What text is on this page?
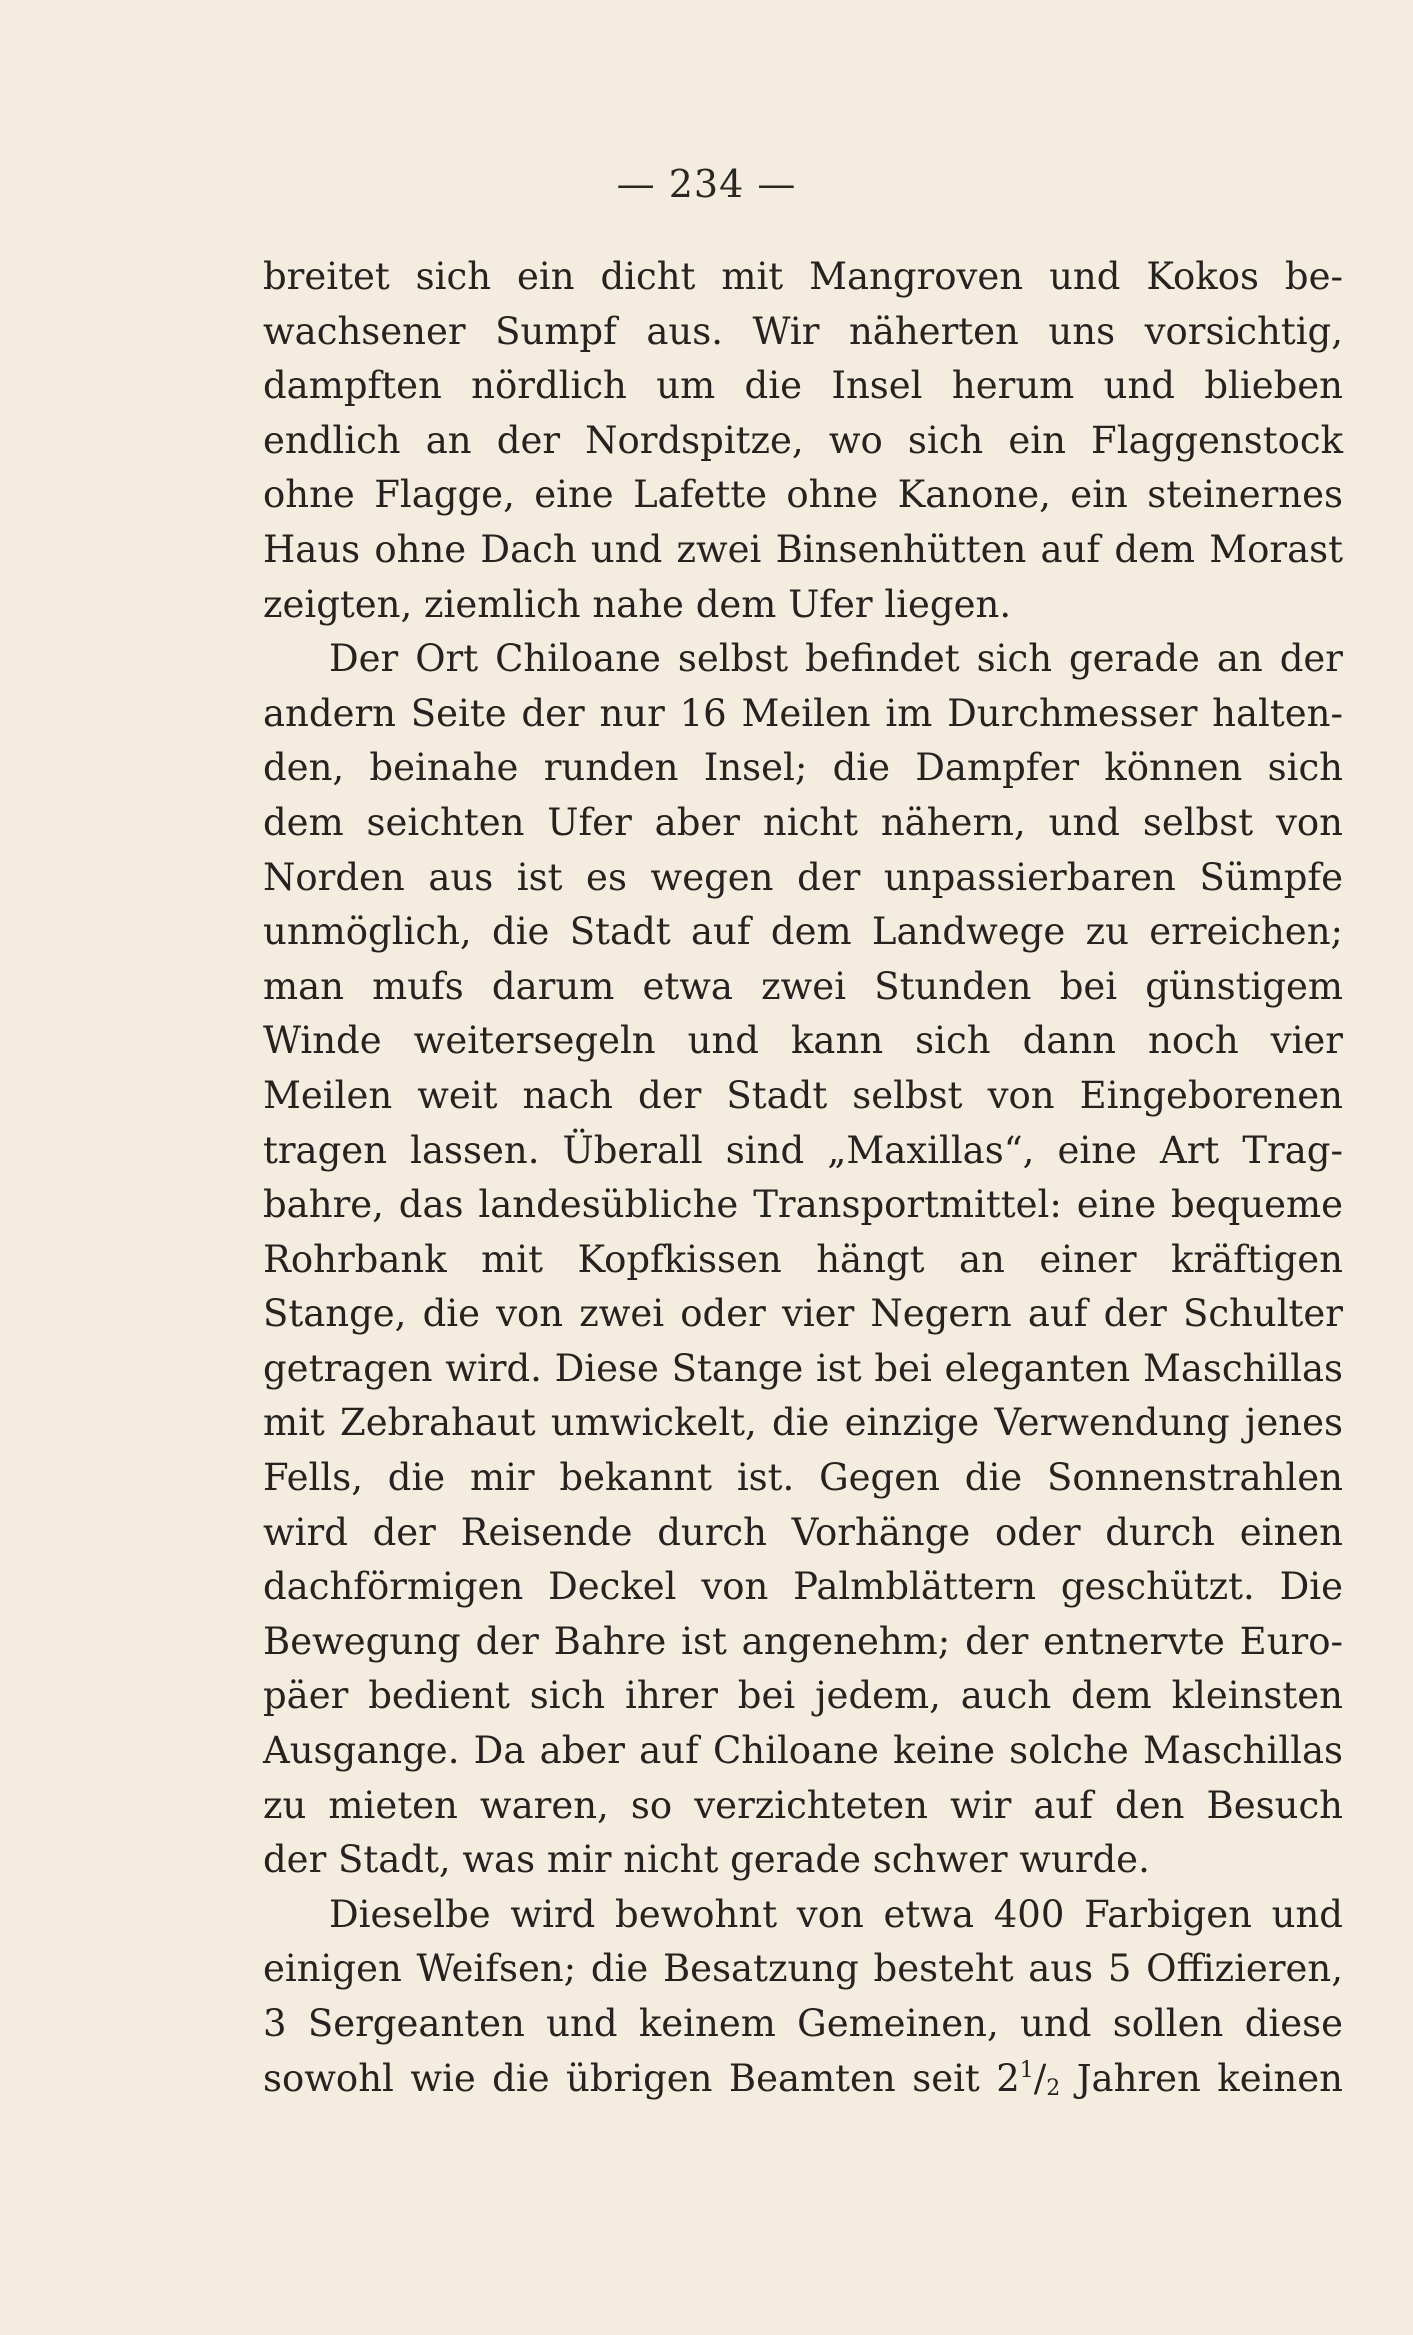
— 234 —
breitet sich ein dicht mit Mangroven und Kokos be-
wachsener Sumpf aus. Wir näherten uns vorsichtig,
dampften nördlich um die Insel herum und blieben
endlich an der Nordspitze, wo sich ein Flaggenstock
ohne Flagge, eine Lafette ohne Kanone, ein steinernes
Haus ohne Dach und zwei Binsenhütten auf dem Morast
zeigten, ziemlich nahe dem Ufer liegen.
Der Ort Chiloane selbst befindet sich gerade an der
andern Seite der nur 16 Meilen im Durchmesser halten-
den, beinahe runden Insel; die Dampfer können sich
dem seichten Ufer aber nicht nähern, und selbst von
Norden aus ist es wegen der unpassierbaren Sümpfe
unmöglich, die Stadt auf dem Landwege zu erreichen;
man mufs darum etwa zwei Stunden bei günstigem
Winde weitersegeln und kann sich dann noch vier
Meilen weit nach der Stadt selbst von Eingeborenen
tragen lassen. Überall sind „Maxillas“, eine Art Trag-
bahre, das landesübliche Transportmittel: eine bequeme
Rohrbank mit Kopfkissen hängt an einer kräftigen
Stange, die von zwei oder vier Negern auf der Schulter
getragen wird. Diese Stange ist bei eleganten Maschillas
mit Zebrahaut umwickelt, die einzige Verwendung jenes
Fells, die mir bekannt ist. Gegen die Sonnenstrahlen
wird der Reisende durch Vorhänge oder durch einen
dachförmigen Deckel von Palmblättern geschützt. Die
Bewegung der Bahre ist angenehm; der entnervte Euro-
päer bedient sich ihrer bei jedem, auch dem kleinsten
Ausgange. Da aber auf Chiloane keine solche Maschillas
zu mieten waren, so verzichteten wir auf den Besuch
der Stadt, was mir nicht gerade schwer wurde.
Dieselbe wird bewohnt von etwa 400 Farbigen und
einigen Weifsen; die Besatzung besteht aus 5 Offizieren,
3 Sergeanten und keinem Gemeinen, und sollen diese
sowohl wie die übrigen Beamten seit $2^1/_2$ Jahren keinen
